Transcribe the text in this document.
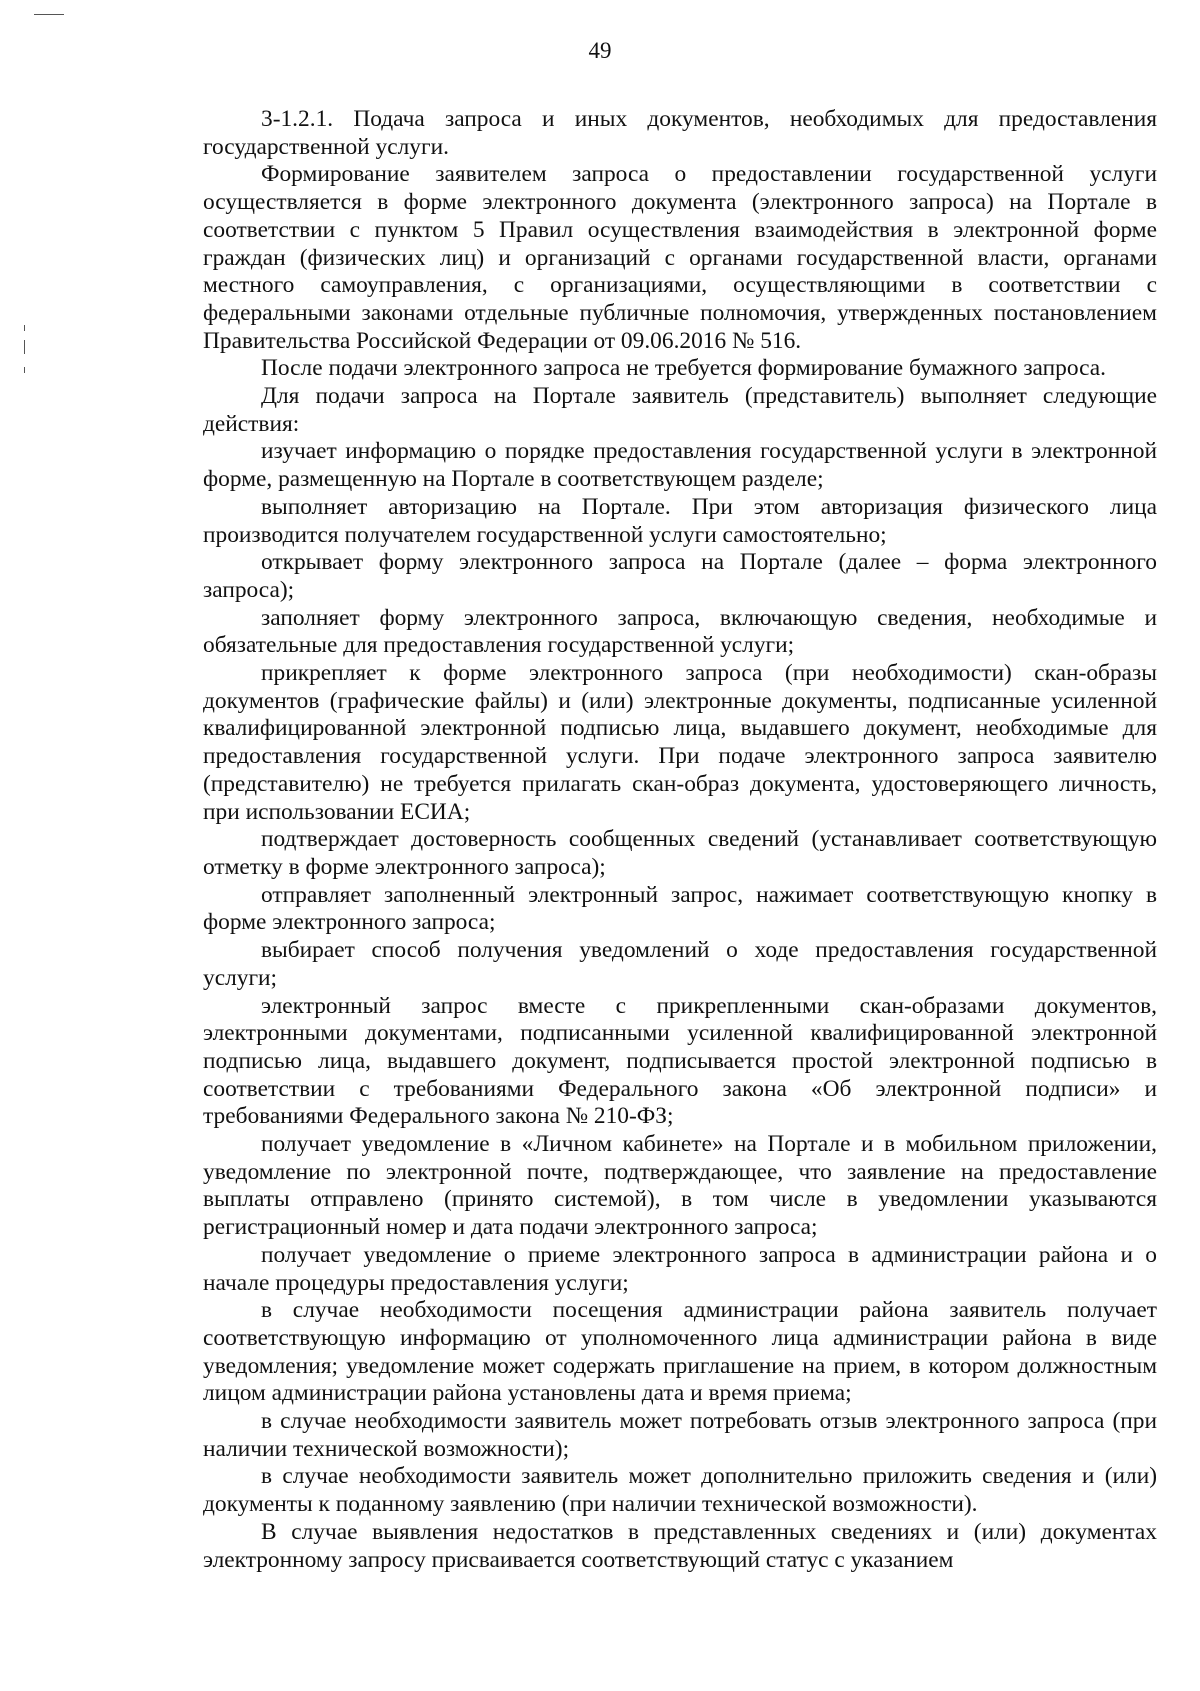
49

3-1.2.1. Подача запроса и иных документов, необходимых для предоставления государственной услуги.

Формирование заявителем запроса о предоставлении государственной услуги осуществляется в форме электронного документа (электронного запроса) на Портале в соответствии с пунктом 5 Правил осуществления взаимодействия в электронной форме граждан (физических лиц) и организаций с органами государственной власти, органами местного самоуправления, с организациями, осуществляющими в соответствии с федеральными законами отдельные публичные полномочия, утвержденных постановлением Правительства Российской Федерации от 09.06.2016 № 516.

После подачи электронного запроса не требуется формирование бумажного запроса.

Для подачи запроса на Портале заявитель (представитель) выполняет следующие действия:

изучает информацию о порядке предоставления государственной услуги в электронной форме, размещенную на Портале в соответствующем разделе;

выполняет авторизацию на Портале. При этом авторизация физического лица производится получателем государственной услуги самостоятельно;

открывает форму электронного запроса на Портале (далее – форма электронного запроса);

заполняет форму электронного запроса, включающую сведения, необходимые и обязательные для предоставления государственной услуги;

прикрепляет к форме электронного запроса (при необходимости) скан-образы документов (графические файлы) и (или) электронные документы, подписанные усиленной квалифицированной электронной подписью лица, выдавшего документ, необходимые для предоставления государственной услуги. При подаче электронного запроса заявителю (представителю) не требуется прилагать скан-образ документа, удостоверяющего личность, при использовании ЕСИА;

подтверждает достоверность сообщенных сведений (устанавливает соответствующую отметку в форме электронного запроса);

отправляет заполненный электронный запрос, нажимает соответствующую кнопку в форме электронного запроса;

выбирает способ получения уведомлений о ходе предоставления государственной услуги;

электронный запрос вместе с прикрепленными скан-образами документов, электронными документами, подписанными усиленной квалифицированной электронной подписью лица, выдавшего документ, подписывается простой электронной подписью в соответствии с требованиями Федерального закона «Об электронной подписи» и требованиями Федерального закона № 210-ФЗ;

получает уведомление в «Личном кабинете» на Портале и в мобильном приложении, уведомление по электронной почте, подтверждающее, что заявление на предоставление выплаты отправлено (принято системой), в том числе в уведомлении указываются регистрационный номер и дата подачи электронного запроса;

получает уведомление о приеме электронного запроса в администрации района и о начале процедуры предоставления услуги;

в случае необходимости посещения администрации района заявитель получает соответствующую информацию от уполномоченного лица администрации района в виде уведомления; уведомление может содержать приглашение на прием, в котором должностным лицом администрации района установлены дата и время приема;

в случае необходимости заявитель может потребовать отзыв электронного запроса (при наличии технической возможности);

в случае необходимости заявитель может дополнительно приложить сведения и (или) документы к поданному заявлению (при наличии технической возможности).

В случае выявления недостатков в представленных сведениях и (или) документах электронному запросу присваивается соответствующий статус с указанием
